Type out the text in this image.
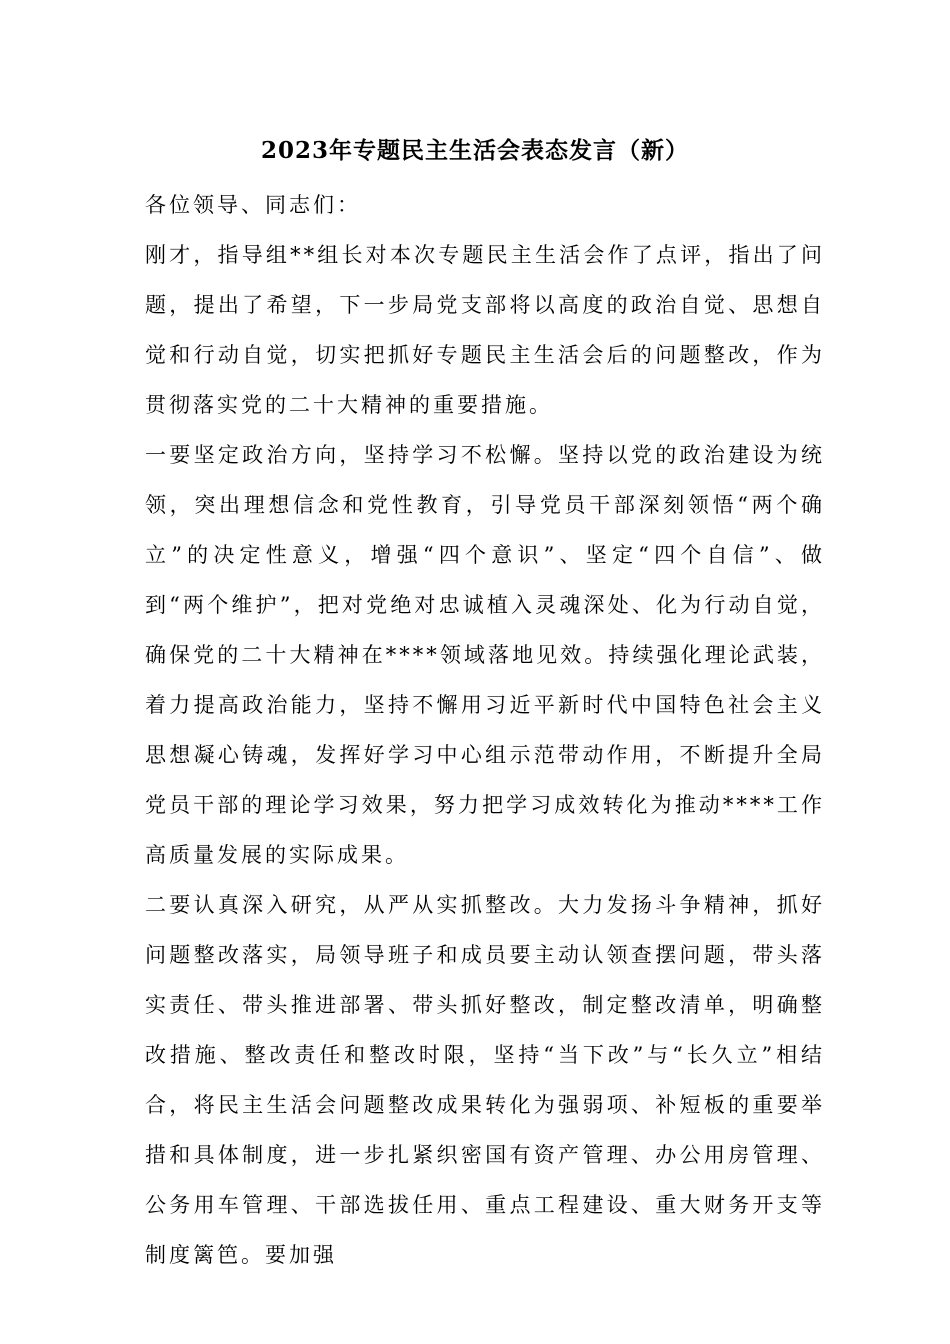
2023年专题民主生活会表态发言（新）

各位领导、同志们：

刚才，指导组**组长对本次专题民主生活会作了点评，指出了问题，提出了希望，下一步局党支部将以高度的政治自觉、思想自觉和行动自觉，切实把抓好专题民主生活会后的问题整改，作为贯彻落实党的二十大精神的重要措施。

一要坚定政治方向，坚持学习不松懈。坚持以党的政治建设为统领，突出理想信念和党性教育，引导党员干部深刻领悟“两个确立”的决定性意义，增强“四个意识”、坚定“四个自信”、做到“两个维护”，把对党绝对忠诚植入灵魂深处、化为行动自觉，确保党的二十大精神在****领域落地见效。持续强化理论武装，着力提高政治能力，坚持不懈用习近平新时代中国特色社会主义思想凝心铸魂，发挥好学习中心组示范带动作用，不断提升全局党员干部的理论学习效果，努力把学习成效转化为推动****工作高质量发展的实际成果。

二要认真深入研究，从严从实抓整改。大力发扬斗争精神，抓好问题整改落实，局领导班子和成员要主动认领查摆问题，带头落实责任、带头推进部署、带头抓好整改，制定整改清单，明确整改措施、整改责任和整改时限，坚持“当下改”与“长久立”相结合，将民主生活会问题整改成果转化为强弱项、补短板的重要举措和具体制度，进一步扎紧织密国有资产管理、办公用房管理、公务用车管理、干部选拔任用、重点工程建设、重大财务开支等制度篱笆。要加强
